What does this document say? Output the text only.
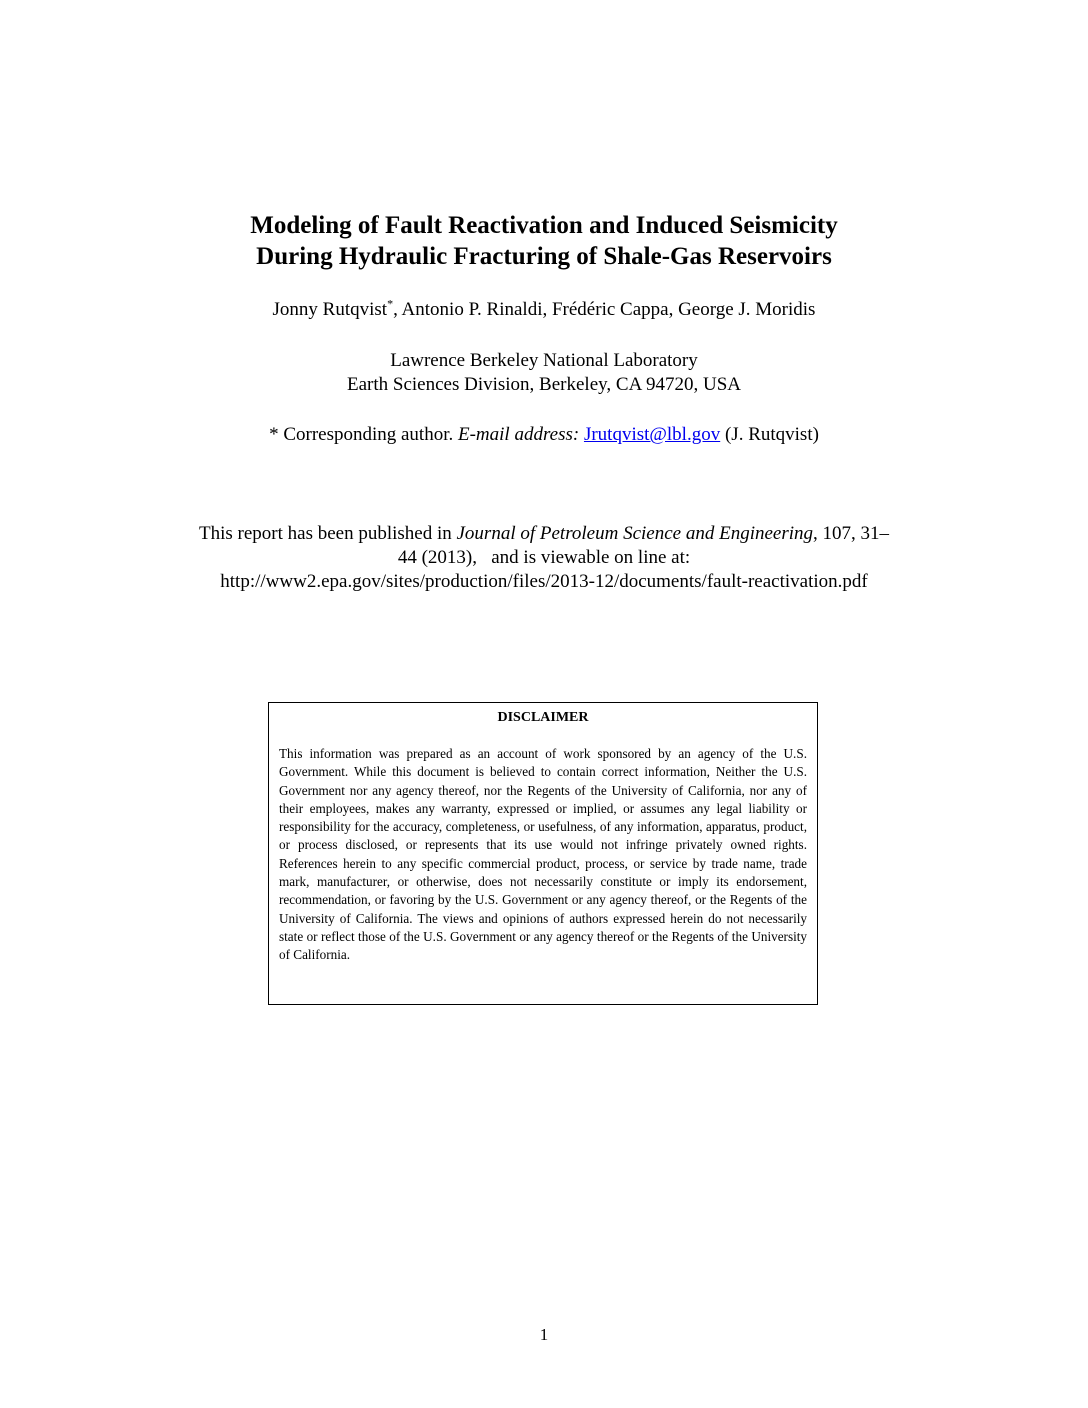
Modeling of Fault Reactivation and Induced Seismicity
During Hydraulic Fracturing of Shale-Gas Reservoirs
Jonny Rutqvist*, Antonio P. Rinaldi, Frédéric Cappa, George J. Moridis
Lawrence Berkeley National Laboratory
Earth Sciences Division, Berkeley, CA 94720, USA
* Corresponding author. E-mail address: Jrutqvist@lbl.gov (J. Rutqvist)
This report has been published in Journal of Petroleum Science and Engineering, 107, 31–
44 (2013),   and is viewable on line at:
http://www2.epa.gov/sites/production/files/2013-12/documents/fault-reactivation.pdf
DISCLAIMER
This information was prepared as an account of work sponsored by an agency of the U.S. Government. While this document is believed to contain correct information, Neither the U.S. Government nor any agency thereof, nor the Regents of the University of California, nor any of their employees, makes any warranty, expressed or implied, or assumes any legal liability or responsibility for the accuracy, completeness, or usefulness, of any information, apparatus, product, or process disclosed, or represents that its use would not infringe privately owned rights. References herein to any specific commercial product, process, or service by trade name, trade mark, manufacturer, or otherwise, does not necessarily constitute or imply its endorsement, recommendation, or favoring by the U.S. Government or any agency thereof, or the Regents of the University of California. The views and opinions of authors expressed herein do not necessarily state or reflect those of the U.S. Government or any agency thereof or the Regents of the University of California.
1
